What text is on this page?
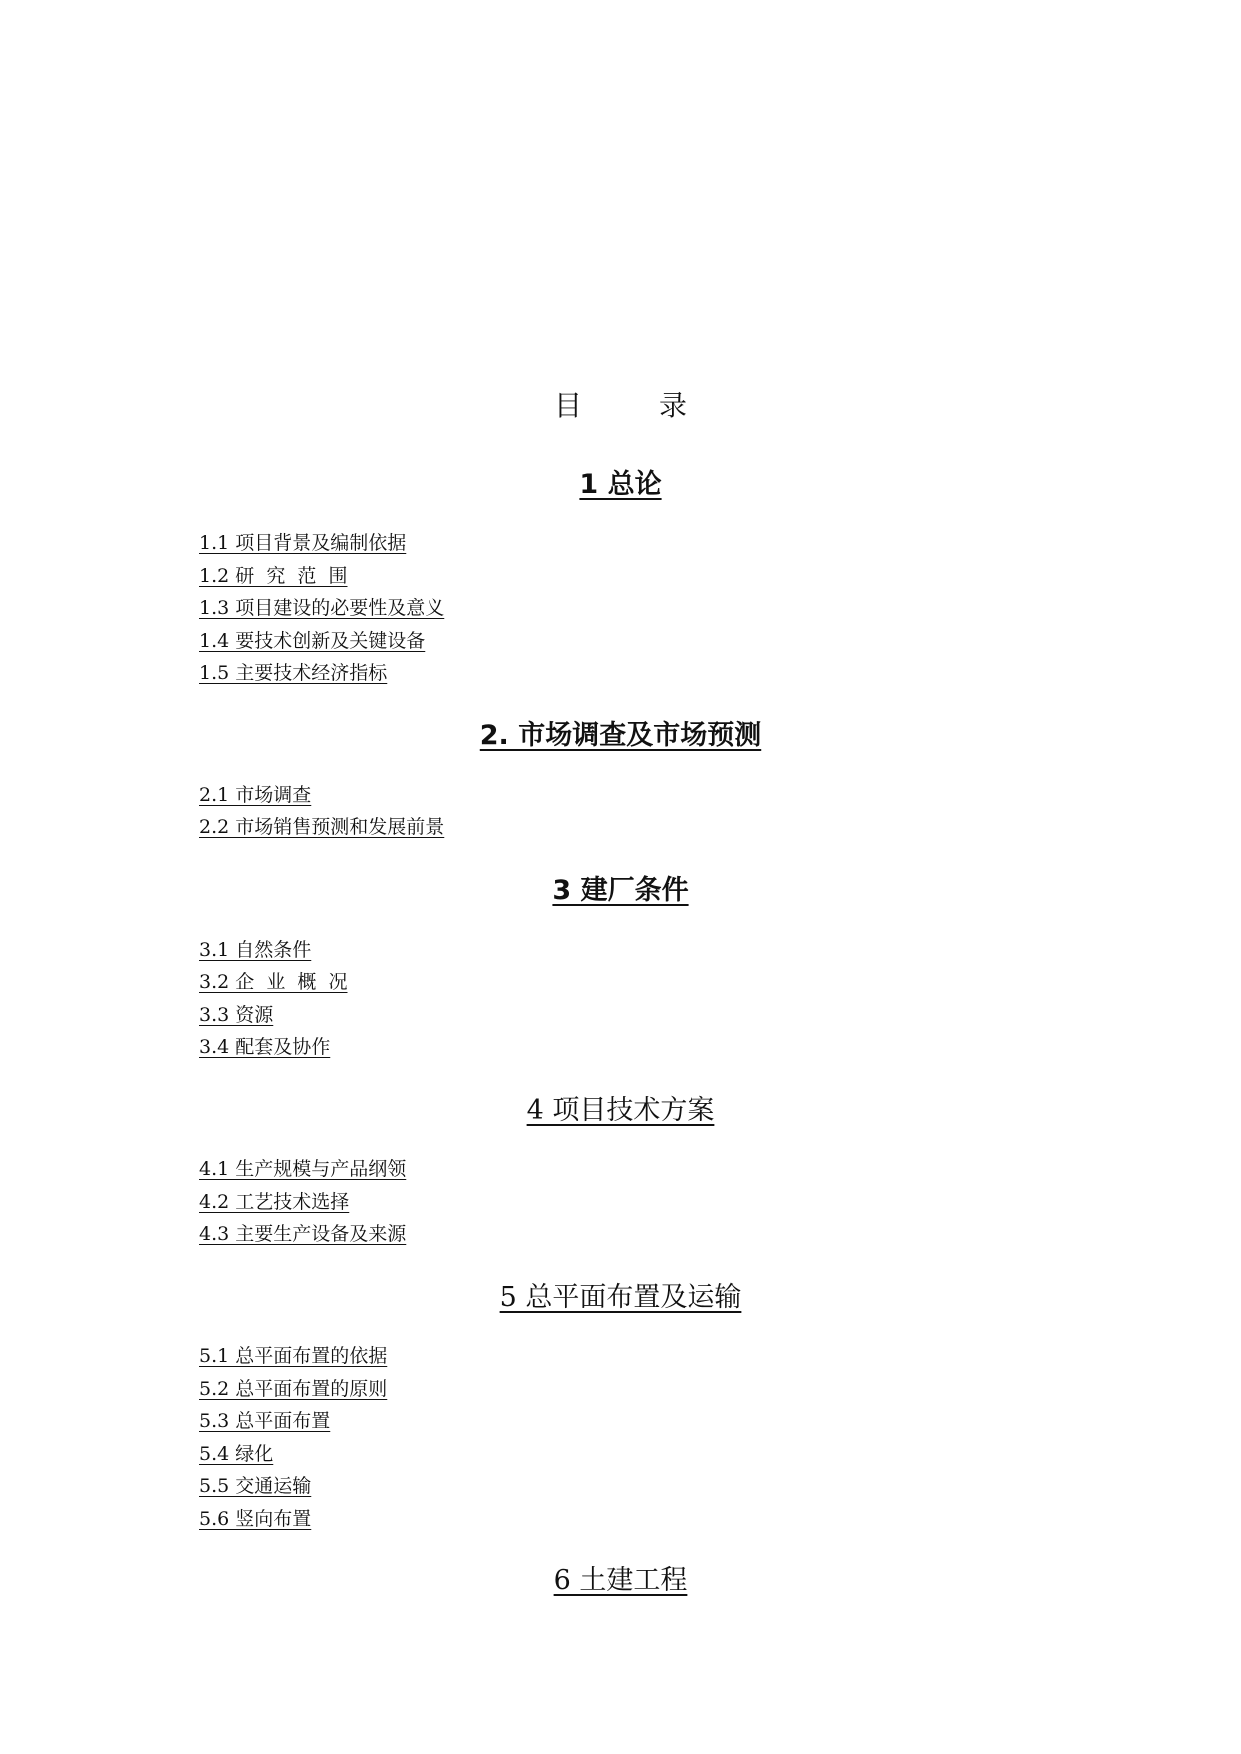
目 录
1 总论
1.1 项目背景及编制依据
1.2 研  究  范  围
1.3 项目建设的必要性及意义
1.4 要技术创新及关键设备
1.5 主要技术经济指标
2. 市场调查及市场预测
2.1 市场调查
2.2 市场销售预测和发展前景
3 建厂条件
3.1 自然条件
3.2 企  业  概  况
3.3 资源
3.4 配套及协作
4 项目技术方案
4.1 生产规模与产品纲领
4.2 工艺技术选择
4.3 主要生产设备及来源
5 总平面布置及运输
5.1 总平面布置的依据
5.2 总平面布置的原则
5.3 总平面布置
5.4 绿化
5.5 交通运输
5.6 竖向布置
6 土建工程
